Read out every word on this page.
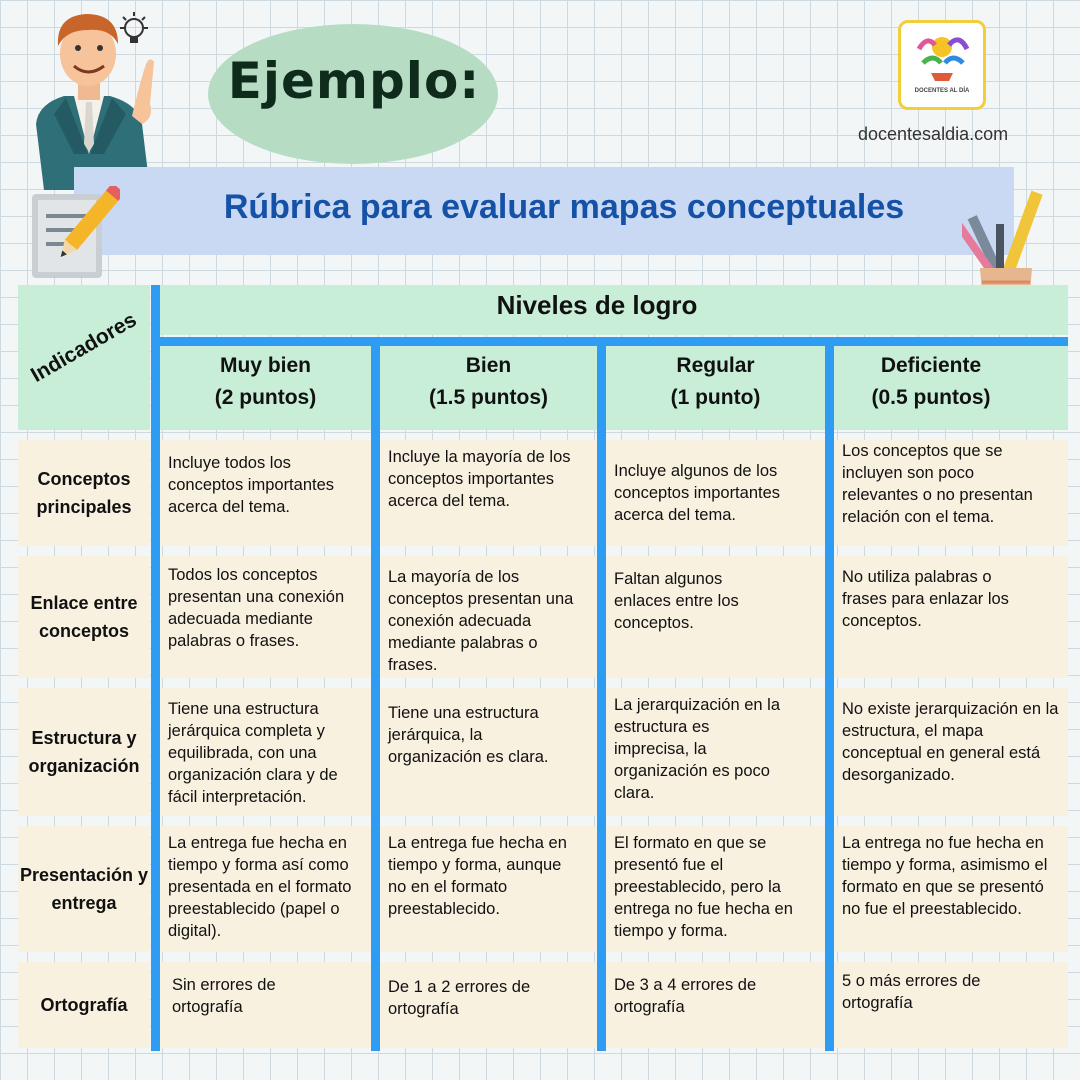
Ejemplo:	DOCENTES AL DÍA
docentesaldia.com
Rúbrica para evaluar mapas conceptuales
Indicadores
Niveles de logro
Muy bien
(2 puntos)
Bien
(1.5 puntos)
Regular
(1 punto)
Deficiente
(0.5 puntos)
Conceptos principales
Incluye todos los conceptos importantes acerca del tema.
Incluye la mayoría de los conceptos importantes acerca del tema.
Incluye algunos de los conceptos importantes acerca del tema.
Los conceptos que se incluyen son poco relevantes o no presentan relación con el tema.
Enlace entre conceptos
Todos los conceptos presentan una conexión adecuada mediante palabras o frases.
La mayoría de los conceptos presentan una conexión adecuada mediante palabras o frases.
Faltan algunos enlaces entre los conceptos.
No utiliza palabras o frases para enlazar los conceptos.
Estructura y organización
Tiene una estructura jerárquica completa y equilibrada, con una organización clara y de fácil interpretación.
Tiene una estructura jerárquica, la organización es clara.
La jerarquización en la estructura es imprecisa, la organización es poco clara.
No existe jerarquización en la estructura, el mapa conceptual en general está desorganizado.
Presentación y entrega
La entrega fue hecha en tiempo y forma así como presentada en el formato preestablecido (papel o digital).
La entrega fue hecha en tiempo y forma, aunque no en el formato preestablecido.
El formato en que se presentó fue el preestablecido, pero la entrega no fue hecha en tiempo y forma.
La entrega no fue hecha en tiempo y forma, asimismo el formato en que se presentó no fue el preestablecido.
Ortografía
Sin errores de ortografía
De 1 a 2 errores de ortografía
De 3 a 4 errores de ortografía
5 o más errores de ortografía
